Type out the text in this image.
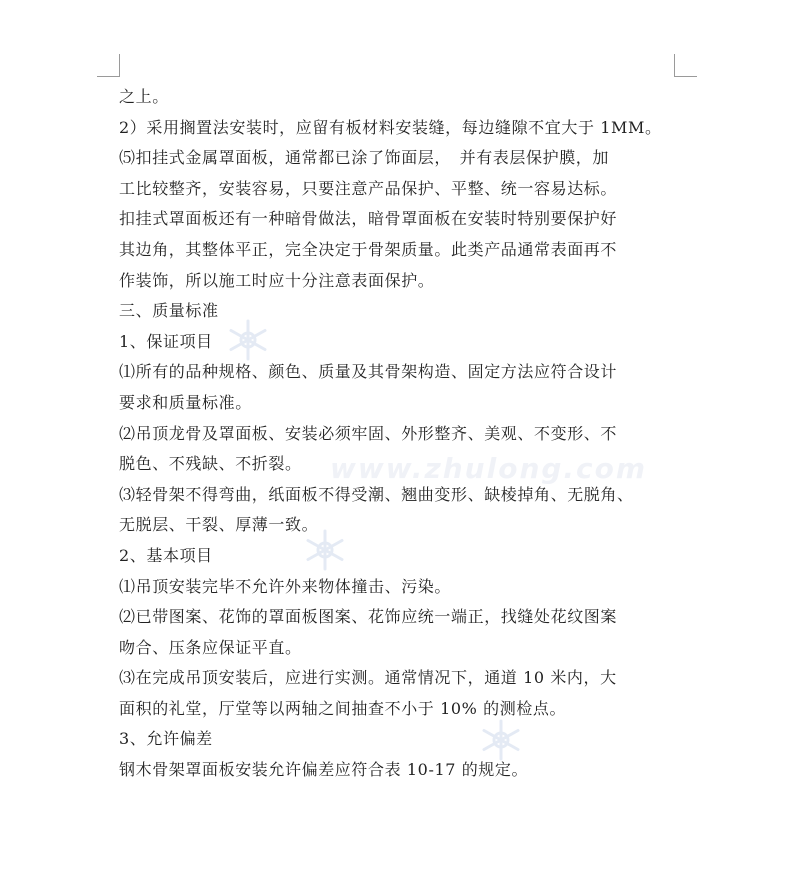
www.zhulong.com
之上。
2）采用搁置法安装时，应留有板材料安装缝，每边缝隙不宜大于 1MM。
⑸扣挂式金属罩面板，通常都已涂了饰面层，　并有表层保护膜，加
工比较整齐，安装容易，只要注意产品保护、平整、统一容易达标。
扣挂式罩面板还有一种暗骨做法，暗骨罩面板在安装时特别要保护好
其边角，其整体平正，完全决定于骨架质量。此类产品通常表面再不
作装饰，所以施工时应十分注意表面保护。
三、质量标准
1、保证项目
⑴所有的品种规格、颜色、质量及其骨架构造、固定方法应符合设计
要求和质量标准。
⑵吊顶龙骨及罩面板、安装必须牢固、外形整齐、美观、不变形、不
脱色、不残缺、不折裂。
⑶轻骨架不得弯曲，纸面板不得受潮、翘曲变形、缺棱掉角、无脱角、
无脱层、干裂、厚薄一致。
2、基本项目
⑴吊顶安装完毕不允许外来物体撞击、污染。
⑵已带图案、花饰的罩面板图案、花饰应统一端正，找缝处花纹图案
吻合、压条应保证平直。
⑶在完成吊顶安装后，应进行实测。通常情况下，通道 10 米内，大
面积的礼堂，厅堂等以两轴之间抽查不小于 10% 的测检点。
3、允许偏差
钢木骨架罩面板安装允许偏差应符合表 10-17 的规定。
